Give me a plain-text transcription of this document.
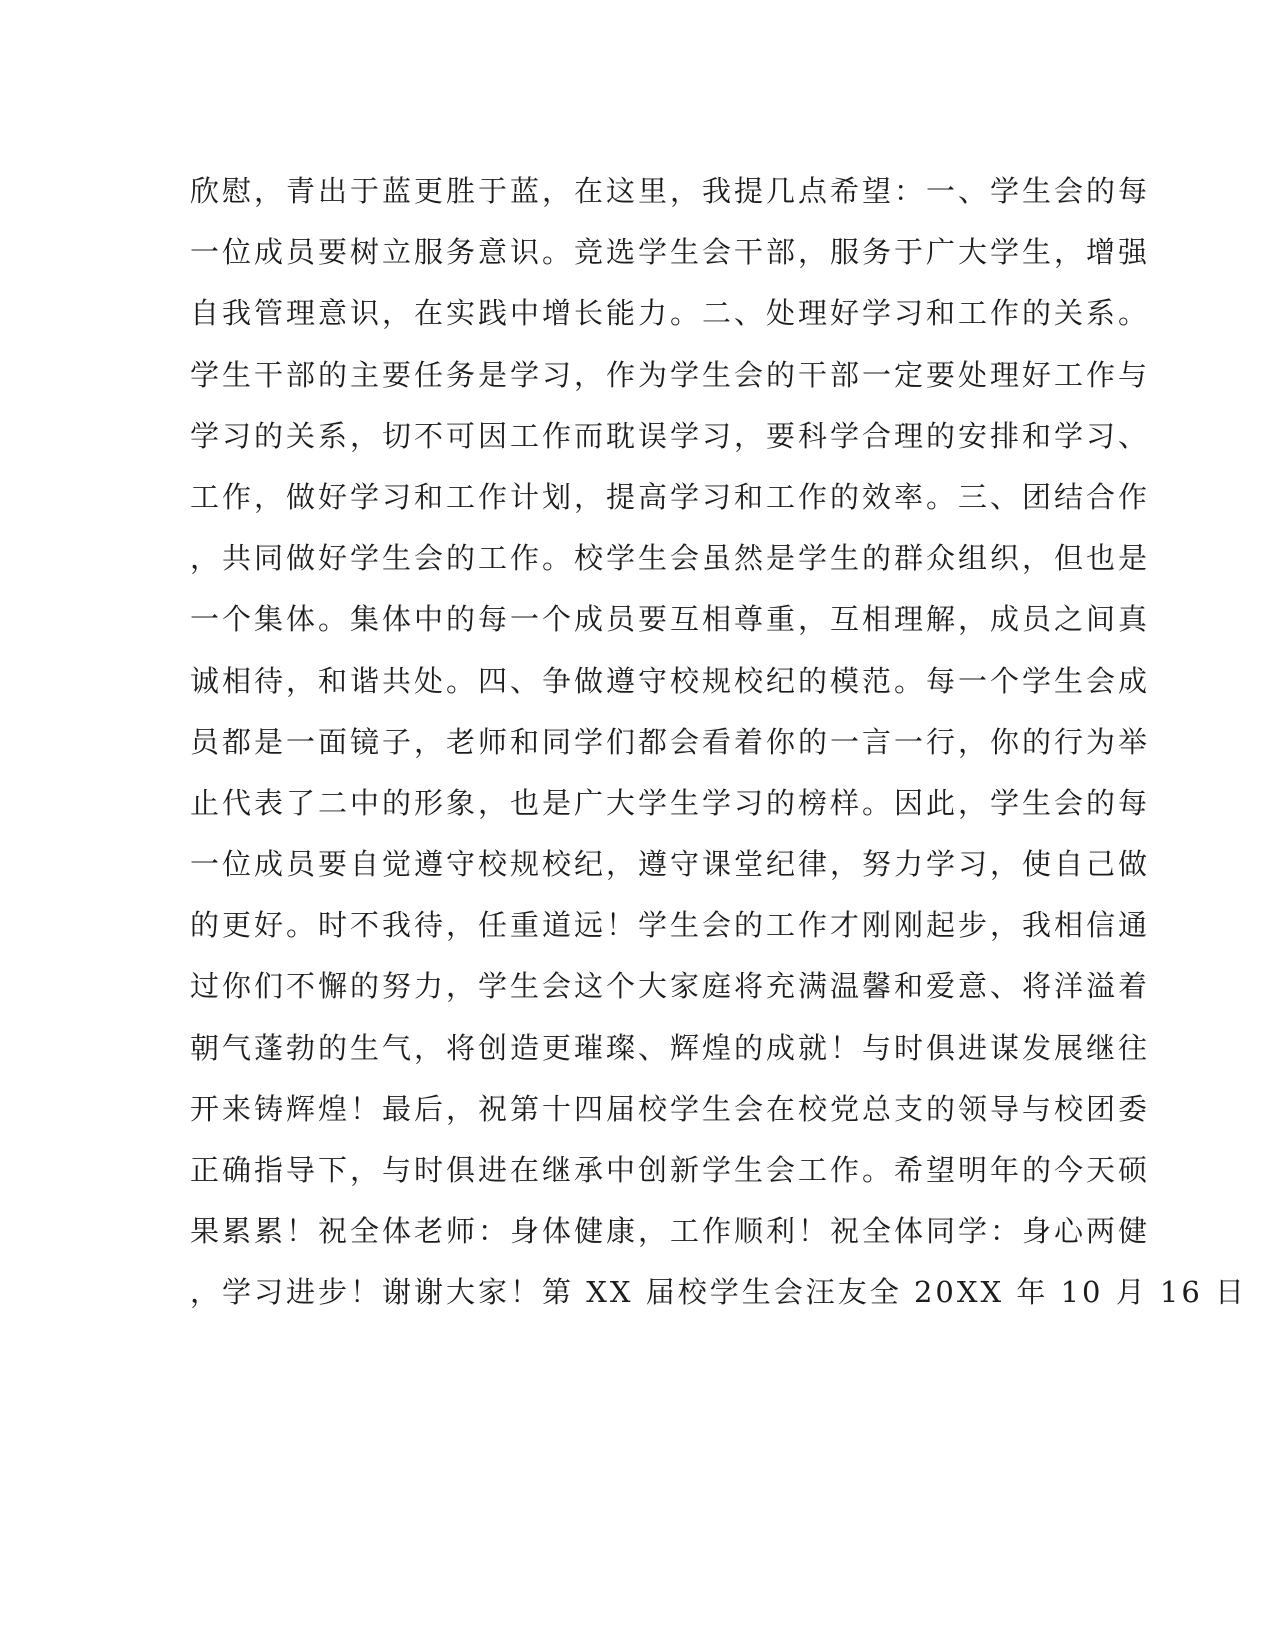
欣慰，青出于蓝更胜于蓝，在这里，我提几点希望：一、学生会的每
一位成员要树立服务意识。竞选学生会干部，服务于广大学生，增强
自我管理意识，在实践中增长能力。二、处理好学习和工作的关系。
学生干部的主要任务是学习，作为学生会的干部一定要处理好工作与
学习的关系，切不可因工作而耽误学习，要科学合理的安排和学习、
工作，做好学习和工作计划，提高学习和工作的效率。三、团结合作
，共同做好学生会的工作。校学生会虽然是学生的群众组织，但也是
一个集体。集体中的每一个成员要互相尊重，互相理解，成员之间真
诚相待，和谐共处。四、争做遵守校规校纪的模范。每一个学生会成
员都是一面镜子，老师和同学们都会看着你的一言一行，你的行为举
止代表了二中的形象，也是广大学生学习的榜样。因此，学生会的每
一位成员要自觉遵守校规校纪，遵守课堂纪律，努力学习，使自己做
的更好。时不我待，任重道远！学生会的工作才刚刚起步，我相信通
过你们不懈的努力，学生会这个大家庭将充满温馨和爱意、将洋溢着
朝气蓬勃的生气，将创造更璀璨、辉煌的成就！与时俱进谋发展继往
开来铸辉煌！最后，祝第十四届校学生会在校党总支的领导与校团委
正确指导下，与时俱进在继承中创新学生会工作。希望明年的今天硕
果累累！祝全体老师：身体健康，工作顺利！祝全体同学：身心两健
，学习进步！谢谢大家！第 XX 届校学生会汪友全 20XX 年 10 月 16 日
